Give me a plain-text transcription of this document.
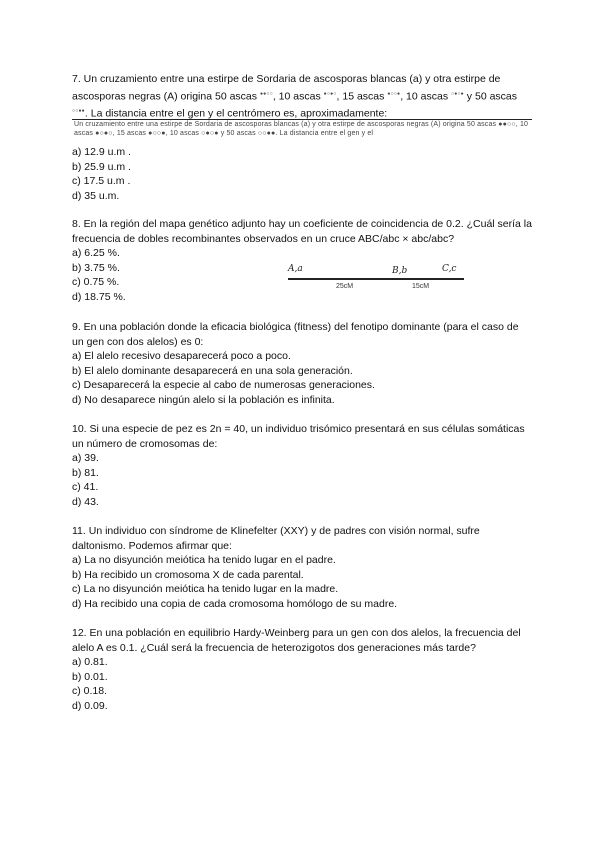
7. Un cruzamiento entre una estirpe de Sordaria de ascosporas blancas (a) y otra estirpe de ascosporas negras (A) origina 50 ascas ●●○○, 10 ascas ●○●○, 15 ascas ●○○●, 10 ascas ○●○● y 50 ascas ○○●●. La distancia entre el gen y el centrómero es, aproximadamente:

Un cruzamiento entre una estirpe de Sordaria de ascosporas blancas (a) y otra estirpe de ascosporas negras (A) origina 50 ascas ●●○○, 10 ascas ●○●○, 15 ascas ●○○●, 10 ascas ○●○● y 50 ascas ○○●●. La distancia entre el gen y el
a) 12.9 u.m .
b) 25.9 u.m .
c) 17.5 u.m .
d) 35 u.m.

8. En la región del mapa genético adjunto hay un coeficiente de coincidencia de 0.2. ¿Cuál sería la frecuencia de dobles recombinantes observados en un cruce ABC/abc × abc/abc?

a) 6.25 %.
b) 3.75 %.
c) 0.75 %.
d) 18.75 %.
A,a	B,b	C,c
25cM	15cM

9. En una población donde la eficacia biológica (fitness) del fenotipo dominante (para el caso de un gen con dos alelos) es 0:

a) El alelo recesivo desaparecerá poco a poco.
b) El alelo dominante desaparecerá en una sola generación.
c) Desaparecerá la especie al cabo de numerosas generaciones.
d) No desaparece ningún alelo si la población es infinita.

10. Si una especie de pez es 2n = 40, un individuo trisómico presentará en sus células somáticas un número de cromosomas de:

a) 39.
b) 81.
c) 41.
d) 43.

11. Un individuo con síndrome de Klinefelter (XXY) y de padres con visión normal, sufre daltonismo. Podemos afirmar que:

a) La no disyunción meiótica ha tenido lugar en el padre.
b) Ha recibido un cromosoma X de cada parental.
c) La no disyunción meiótica ha tenido lugar en la madre.
d) Ha recibido una copia de cada cromosoma homólogo de su madre.

12. En una población en equilibrio Hardy-Weinberg para un gen con dos alelos, la frecuencia del alelo A es 0.1. ¿Cuál será la frecuencia de heterozigotos dos generaciones más tarde?

a) 0.81.
b) 0.01.
c) 0.18.
d) 0.09.
